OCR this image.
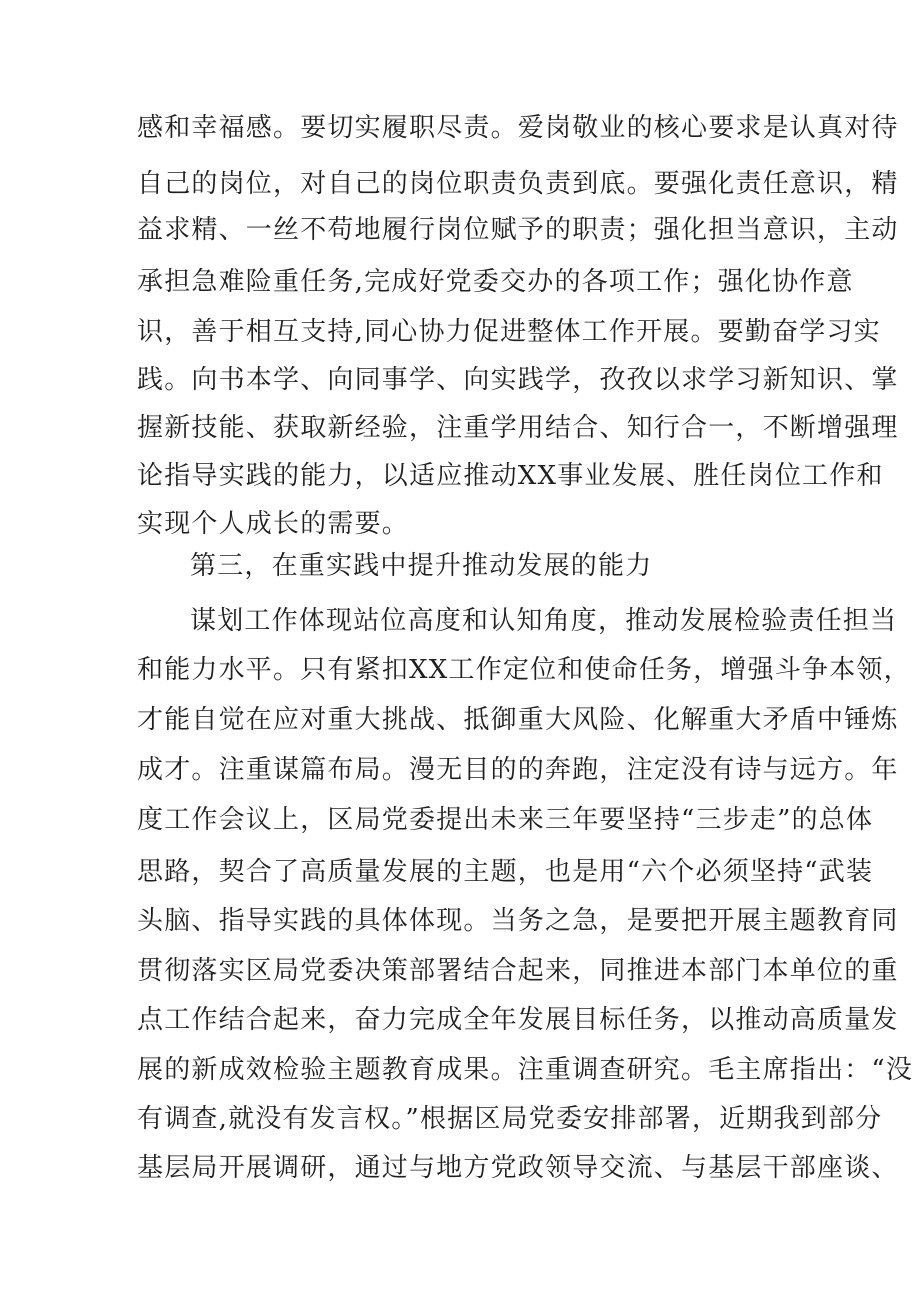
感和幸福感。要切实履职尽责。爱岗敬业的核心要求是认真对待
自己的岗位，对自己的岗位职责负责到底。要强化责任意识，精
益求精、一丝不苟地履行岗位赋予的职责；强化担当意识，主动
承担急难险重任务,完成好党委交办的各项工作；强化协作意
识，善于相互支持,同心协力促进整体工作开展。要勤奋学习实
践。向书本学、向同事学、向实践学，孜孜以求学习新知识、掌
握新技能、获取新经验，注重学用结合、知行合一，不断增强理
论指导实践的能力，以适应推动XX事业发展、胜任岗位工作和
实现个人成长的需要。
第三，在重实践中提升推动发展的能力
谋划工作体现站位高度和认知角度，推动发展检验责任担当
和能力水平。只有紧扣XX工作定位和使命任务，增强斗争本领，
才能自觉在应对重大挑战、抵御重大风险、化解重大矛盾中锤炼
成才。注重谋篇布局。漫无目的的奔跑，注定没有诗与远方。年
度工作会议上，区局党委提出未来三年要坚持“三步走”的总体
思路，契合了高质量发展的主题，也是用“六个必须坚持“武装
头脑、指导实践的具体体现。当务之急，是要把开展主题教育同
贯彻落实区局党委决策部署结合起来，同推进本部门本单位的重
点工作结合起来，奋力完成全年发展目标任务，以推动高质量发
展的新成效检验主题教育成果。注重调查研究。毛主席指出：“没
有调查,就没有发言权。”根据区局党委安排部署，近期我到部分
基层局开展调研，通过与地方党政领导交流、与基层干部座谈、
